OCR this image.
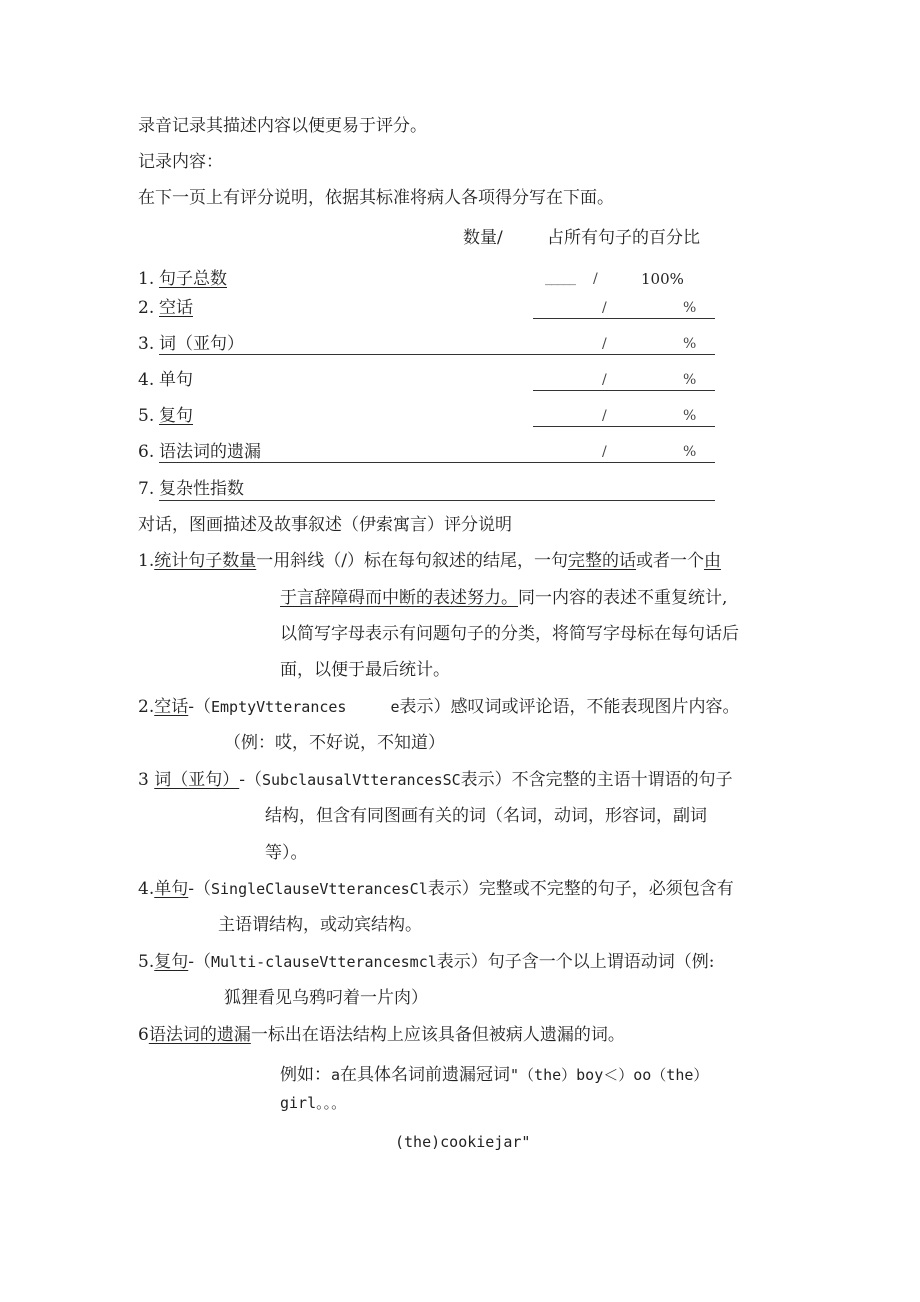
录音记录其描述内容以便更易于评分。
记录内容：
在下一页上有评分说明，依据其标准将病人各项得分写在下面。
数量/	占所有句子的百分比
1. 句子总数	_____ /	100%
2. 空话	/	%
3. 词（亚句）	/	%
4. 单句	/	%
5. 复句	/	%
6. 语法词的遗漏	/	%
7. 复杂性指数
对话，图画描述及故事叙述（伊索寓言）评分说明
1.统计句子数量一用斜线（/）标在每句叙述的结尾，一句完整的话或者一个由
于言辞障碍而中断的表述努力。同一内容的表述不重复统计,
以简写字母表示有问题句子的分类，将简写字母标在每句话后
面，以便于最后统计。
2.空话-（EmptyVtterances	e表示）感叹词或评论语，不能表现图片内容。
（例：哎，不好说，不知道）
3 词（亚句）-（SubclausalVtterancesSC表示）不含完整的主语十谓语的句子
结构，但含有同图画有关的词（名词，动词，形容词，副词
等）。
4.单句-（SingleClauseVtterancesCl表示）完整或不完整的句子，必须包含有
主语谓结构，或动宾结构。
5.复句-（Multi-clauseVtterancesmcl表示）句子含一个以上谓语动词（例:
狐狸看见乌鸦叼着一片肉）
6语法词的遗漏一标出在语法结构上应该具备但被病人遗漏的词。
例如：a在具体名词前遗漏冠词"（the）boy＜）oo（the）
girl。。。
(the)cookiejar"
